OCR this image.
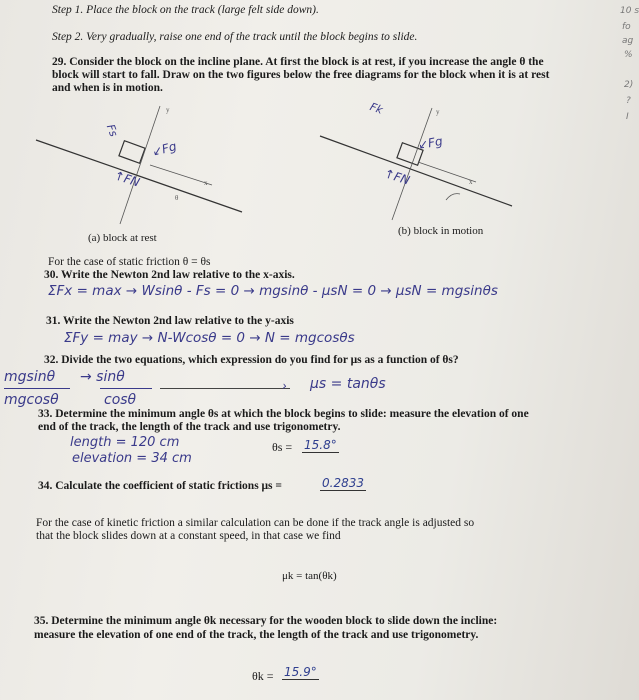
Step 1. Place the block on the track (large felt side down).
Step 2. Very gradually, raise one end of the track until the block begins to slide.
29. Consider the block on the incline plane. At first the block is at rest, if you increase the angle θ the
block will start to fall. Draw on the two figures below the free diagrams for the block when it is at rest
and when is in motion.
y
x
θ
Fs
↙Fg
↑FN
(a) block at rest
y
x
Fk
↙Fg
↑FN
(b) block in motion
For the case of static friction θ = θs
30. Write the Newton 2nd law relative to the x-axis.
ΣFx = max → Wsinθ - Fs = 0 → mgsinθ - μsN = 0 → μsN = mgsinθs
31. Write the Newton 2nd law relative to the y-axis
ΣFy = may → N-Wcosθ = 0 → N = mgcosθs
32. Divide the two equations, which expression do you find for μs as a function of θs?
mgsinθ
mgcosθ
→ sinθ
cosθ
› μs = tanθs
33. Determine the minimum angle θs at which the block begins to slide: measure the elevation of one
end of the track, the length of the track and use trigonometry.
length = 120 cm
elevation = 34 cm
θs = 15.8°
34. Calculate the coefficient of static frictions μs =	0.2833
For the case of kinetic friction a similar calculation can be done if the track angle is adjusted so
that the block slides down at a constant speed, in that case we find
μk = tan(θk)
35. Determine the minimum angle θk necessary for the wooden block to slide down the incline:
measure the elevation of one end of the track, the length of the track and use trigonometry.
θk = 15.9°
10 s
fo
ag
%
2)
?
I
